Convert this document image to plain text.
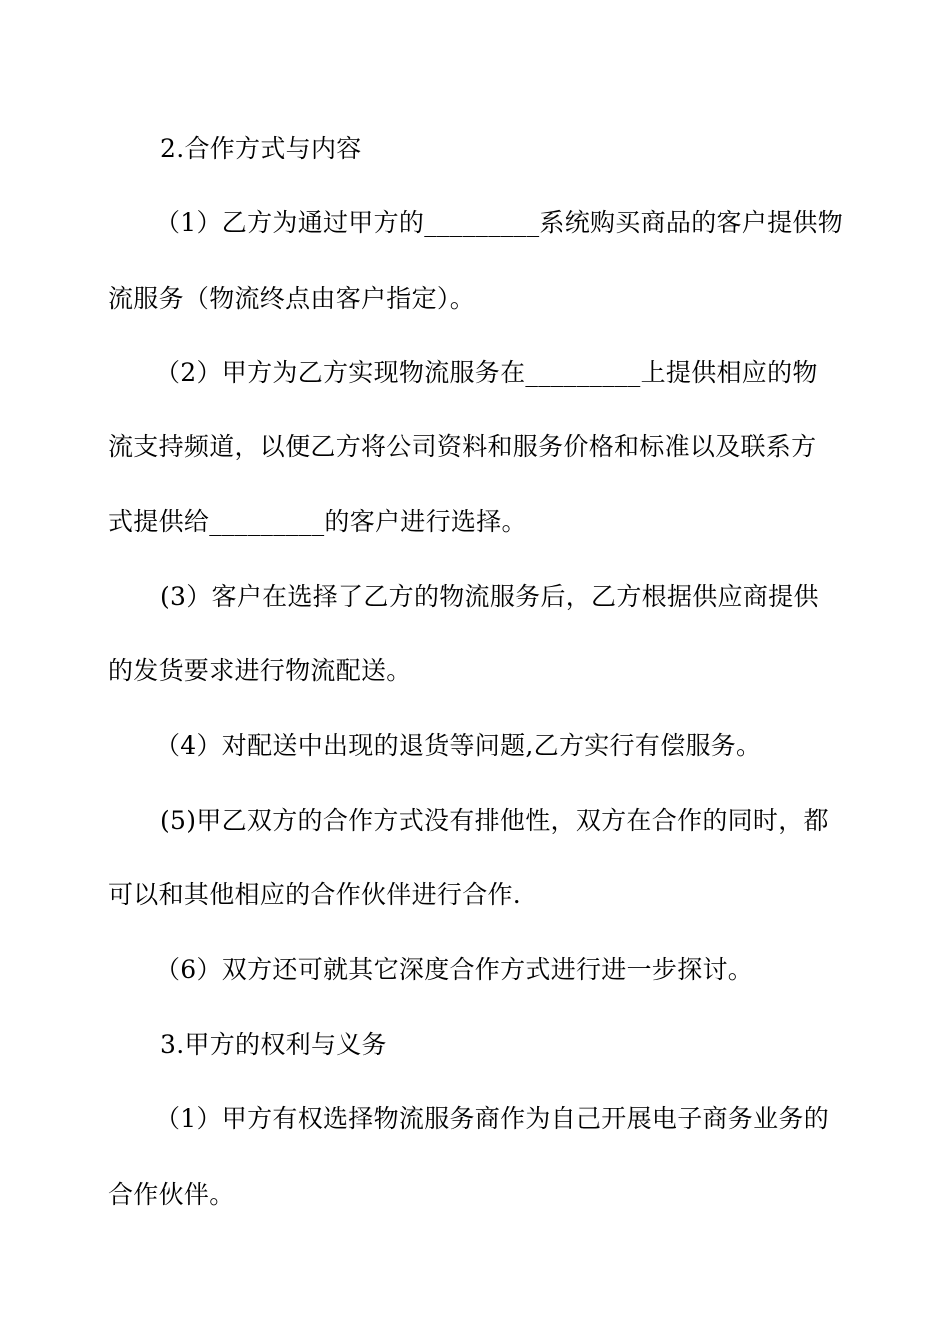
2.合作方式与内容
（1）乙方为通过甲方的_________系统购买商品的客户提供物
流服务（物流终点由客户指定）。
（2）甲方为乙方实现物流服务在_________上提供相应的物
流支持频道，以便乙方将公司资料和服务价格和标准以及联系方
式提供给_________的客户进行选择。
(3）客户在选择了乙方的物流服务后，乙方根据供应商提供
的发货要求进行物流配送。
（4）对配送中出现的退货等问题,乙方实行有偿服务。
(5)甲乙双方的合作方式没有排他性，双方在合作的同时，都
可以和其他相应的合作伙伴进行合作.
（6）双方还可就其它深度合作方式进行进一步探讨。
3.甲方的权利与义务
（1）甲方有权选择物流服务商作为自己开展电子商务业务的
合作伙伴。
